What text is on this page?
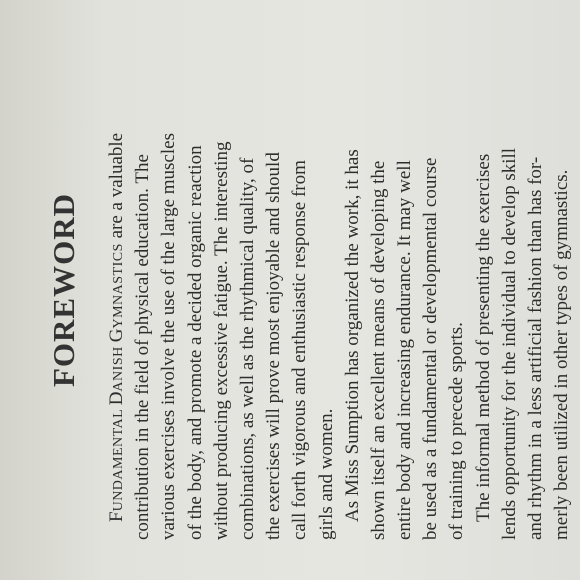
FOREWORD
FUNDAMENTAL DANISH GYMNASTICS are a valuable contribution in the field of physical education. The various exercises involve the use of the large muscles of the body, and promote a decided organic reaction without producing excessive fatigue. The interesting combinations, as well as the rhythmical quality, of the exercises will prove most enjoyable and should call forth vigorous and enthusiastic response from girls and women. As Miss Sumption has organized the work, it has shown itself an excellent means of developing the entire body and increasing endurance. It may well be used as a fundamental or developmental course of training to precede sports. The informal method of presenting the exercises lends opportunity for the individual to develop skill and rhythm in a less artificial fashion than has for- merly been utilized in other types of gymnastics.
